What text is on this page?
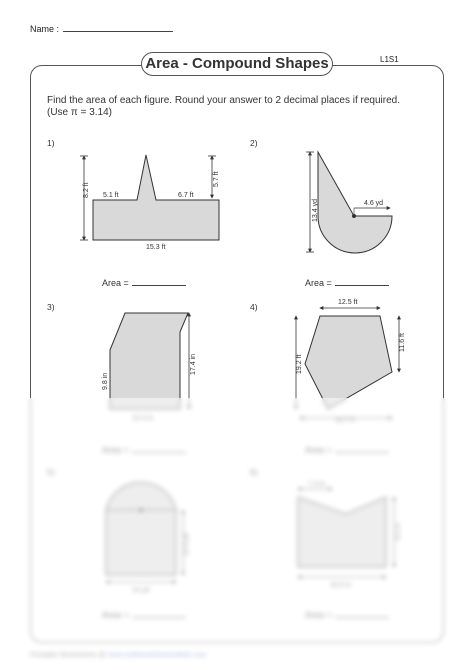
Name :
Area - Compound Shapes	L1S1
Find the area of each figure. Round your answer to 2 decimal places if required.
(Use π = 3.14)
1)	2)
3)	4)
8.2 ft 5.1 ft	6.7 ft
5.7 ft
15.3 ft
13.4 yd	4.6 yd
9.8 in
17.4 in
12.5 ft
19.2 ft
11.6 ft
Area =	Area =
